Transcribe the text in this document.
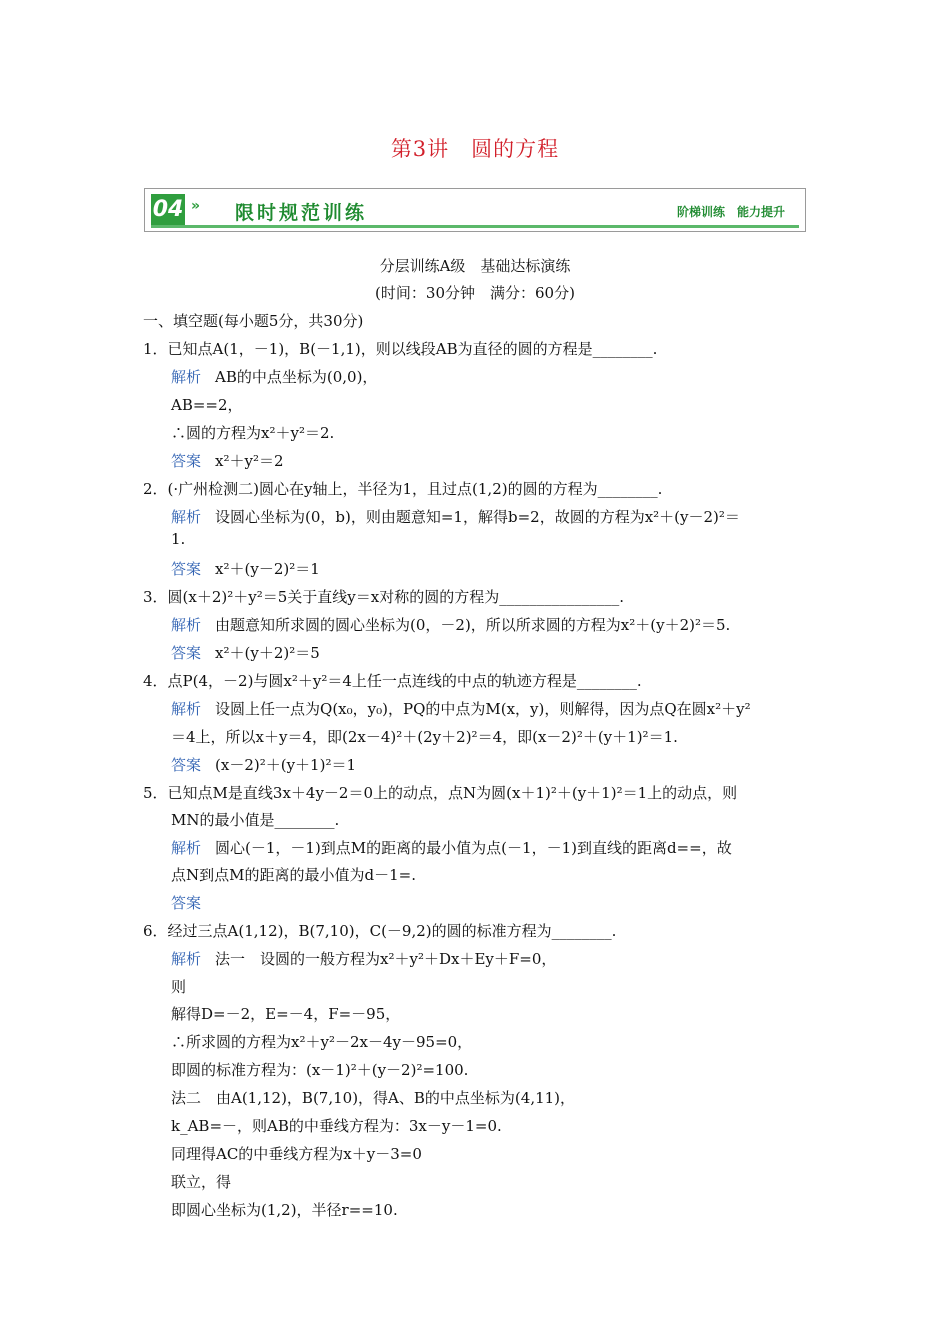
第3讲　圆的方程
04 » 限时规范训练	阶梯训练　能力提升
分层训练A级　基础达标演练
(时间：30分钟　满分：60分)
一、填空题(每小题5分，共30分)
1．已知点A(1，－1)，B(－1,1)，则以线段AB为直径的圆的方程是________.
解析 AB的中点坐标为(0,0)，
AB==2，
∴圆的方程为x²＋y²＝2.
答案 x²＋y²＝2
2．(·广州检测二)圆心在y轴上，半径为1，且过点(1,2)的圆的方程为________.
解析 设圆心坐标为(0，b)，则由题意知=1，解得b=2，故圆的方程为x²＋(y－2)²＝
1.
答案 x²＋(y－2)²＝1
3．圆(x＋2)²＋y²＝5关于直线y＝x对称的圆的方程为________________.
解析 由题意知所求圆的圆心坐标为(0，－2)，所以所求圆的方程为x²＋(y＋2)²＝5.
答案 x²＋(y＋2)²＝5
4．点P(4，－2)与圆x²＋y²＝4上任一点连线的中点的轨迹方程是________.
解析 设圆上任一点为Q(x₀，y₀)，PQ的中点为M(x，y)，则解得，因为点Q在圆x²＋y²
＝4上，所以x＋y＝4，即(2x－4)²＋(2y＋2)²＝4，即(x－2)²＋(y＋1)²＝1.
答案 (x－2)²＋(y＋1)²＝1
5．已知点M是直线3x＋4y－2＝0上的动点，点N为圆(x＋1)²＋(y＋1)²＝1上的动点，则
MN的最小值是________.
解析 圆心(－1，－1)到点M的距离的最小值为点(－1，－1)到直线的距离d==，故
点N到点M的距离的最小值为d－1=.
答案
6．经过三点A(1,12)，B(7,10)，C(－9,2)的圆的标准方程为________.
解析 法一　设圆的一般方程为x²＋y²＋Dx＋Ey＋F=0，
则
解得D=－2，E=－4，F=－95，
∴所求圆的方程为x²＋y²－2x－4y－95=0，
即圆的标准方程为：(x－1)²＋(y－2)²=100.
法二　由A(1,12)，B(7,10)，得A、B的中点坐标为(4,11)，
k_AB=－，则AB的中垂线方程为：3x－y－1=0.
同理得AC的中垂线方程为x＋y－3=0
联立，得
即圆心坐标为(1,2)，半径r==10.
